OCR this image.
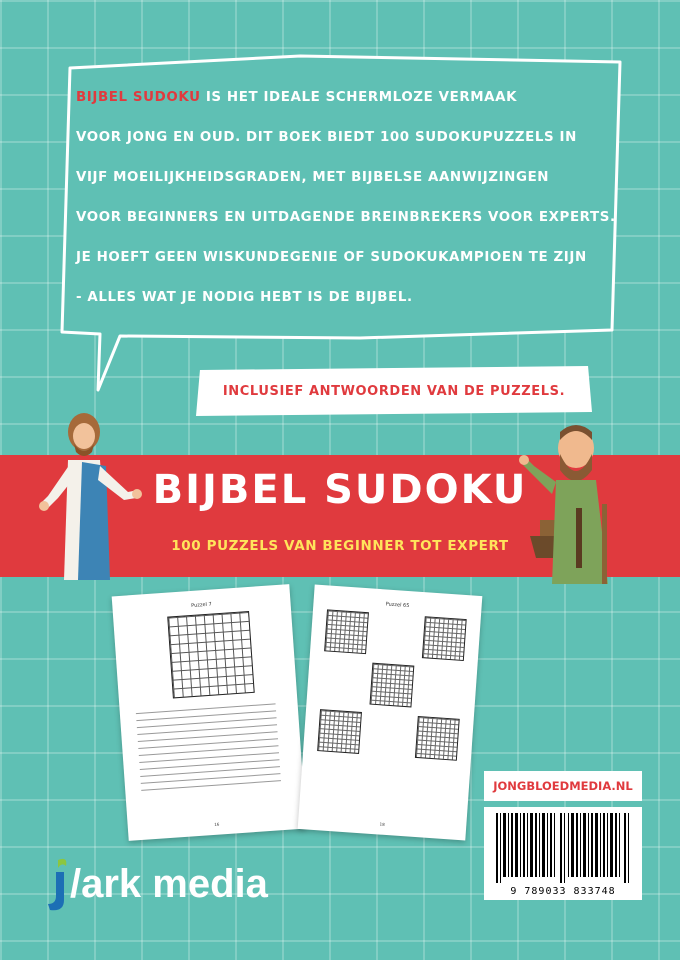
BIJBEL SUDOKU IS HET IDEALE SCHERMLOZE VERMAAK
VOOR JONG EN OUD. DIT BOEK BIEDT 100 SUDOKUPUZZELS IN
VIJF MOEILIJKHEIDSGRADEN, MET BIJBELSE AANWIJZINGEN
VOOR BEGINNERS EN UITDAGENDE BREINBREKERS VOOR EXPERTS.
JE HOEFT GEEN WISKUNDEGENIE OF SUDOKUKAMPIOEN TE ZIJN
- ALLES WAT JE NODIG HEBT IS DE BIJBEL.
INCLUSIEF ANTWOORDEN VAN DE PUZZELS.
BIJBEL SUDOKU
100 PUZZELS VAN BEGINNER TOT EXPERT
Puzzel 7
16
Puzzel 65
18
JONGBLOEDMEDIA.NL
9 789033 833748
/ark media
